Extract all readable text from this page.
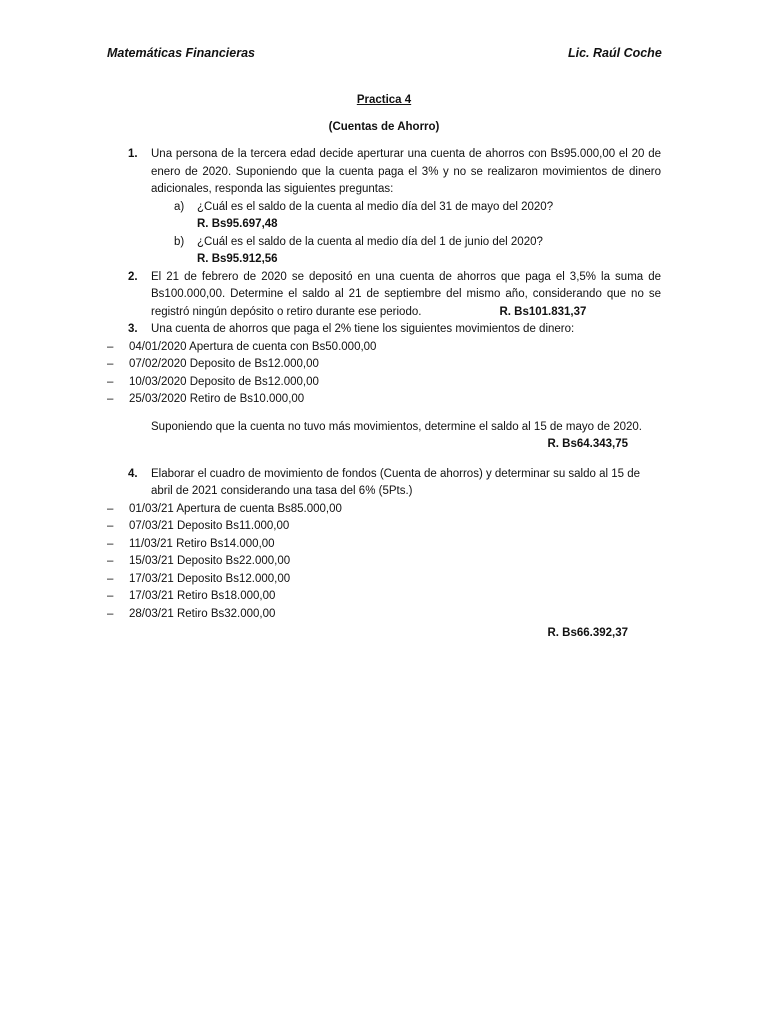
Matemáticas Financieras	Lic. Raúl Coche
Practica 4
(Cuentas de Ahorro)
1. Una persona de la tercera edad decide aperturar una cuenta de ahorros con Bs95.000,00 el 20 de enero de 2020. Suponiendo que la cuenta paga el 3% y no se realizaron movimientos de dinero adicionales, responda las siguientes preguntas:
a) ¿Cuál es el saldo de la cuenta al medio día del 31 de mayo del 2020?
R. Bs95.697,48
b) ¿Cuál es el saldo de la cuenta al medio día del 1 de junio del 2020?
R. Bs95.912,56
2. El 21 de febrero de 2020 se depositó en una cuenta de ahorros que paga el 3,5% la suma de Bs100.000,00. Determine el saldo al 21 de septiembre del mismo año, considerando que no se registró ningún depósito o retiro durante ese periodo.	R. Bs101.831,37
3. Una cuenta de ahorros que paga el 2% tiene los siguientes movimientos de dinero:
– 04/01/2020 Apertura de cuenta con Bs50.000,00
– 07/02/2020 Deposito de Bs12.000,00
– 10/03/2020 Deposito de Bs12.000,00
– 25/03/2020 Retiro de Bs10.000,00
Suponiendo que la cuenta no tuvo más movimientos, determine el saldo al 15 de mayo de 2020.
R. Bs64.343,75
4. Elaborar el cuadro de movimiento de fondos (Cuenta de ahorros) y determinar su saldo al 15 de abril de 2021 considerando una tasa del 6% (5Pts.)
– 01/03/21 Apertura de cuenta Bs85.000,00
– 07/03/21 Deposito Bs11.000,00
– 11/03/21 Retiro Bs14.000,00
– 15/03/21 Deposito Bs22.000,00
– 17/03/21 Deposito Bs12.000,00
– 17/03/21 Retiro Bs18.000,00
– 28/03/21 Retiro Bs32.000,00
R. Bs66.392,37
